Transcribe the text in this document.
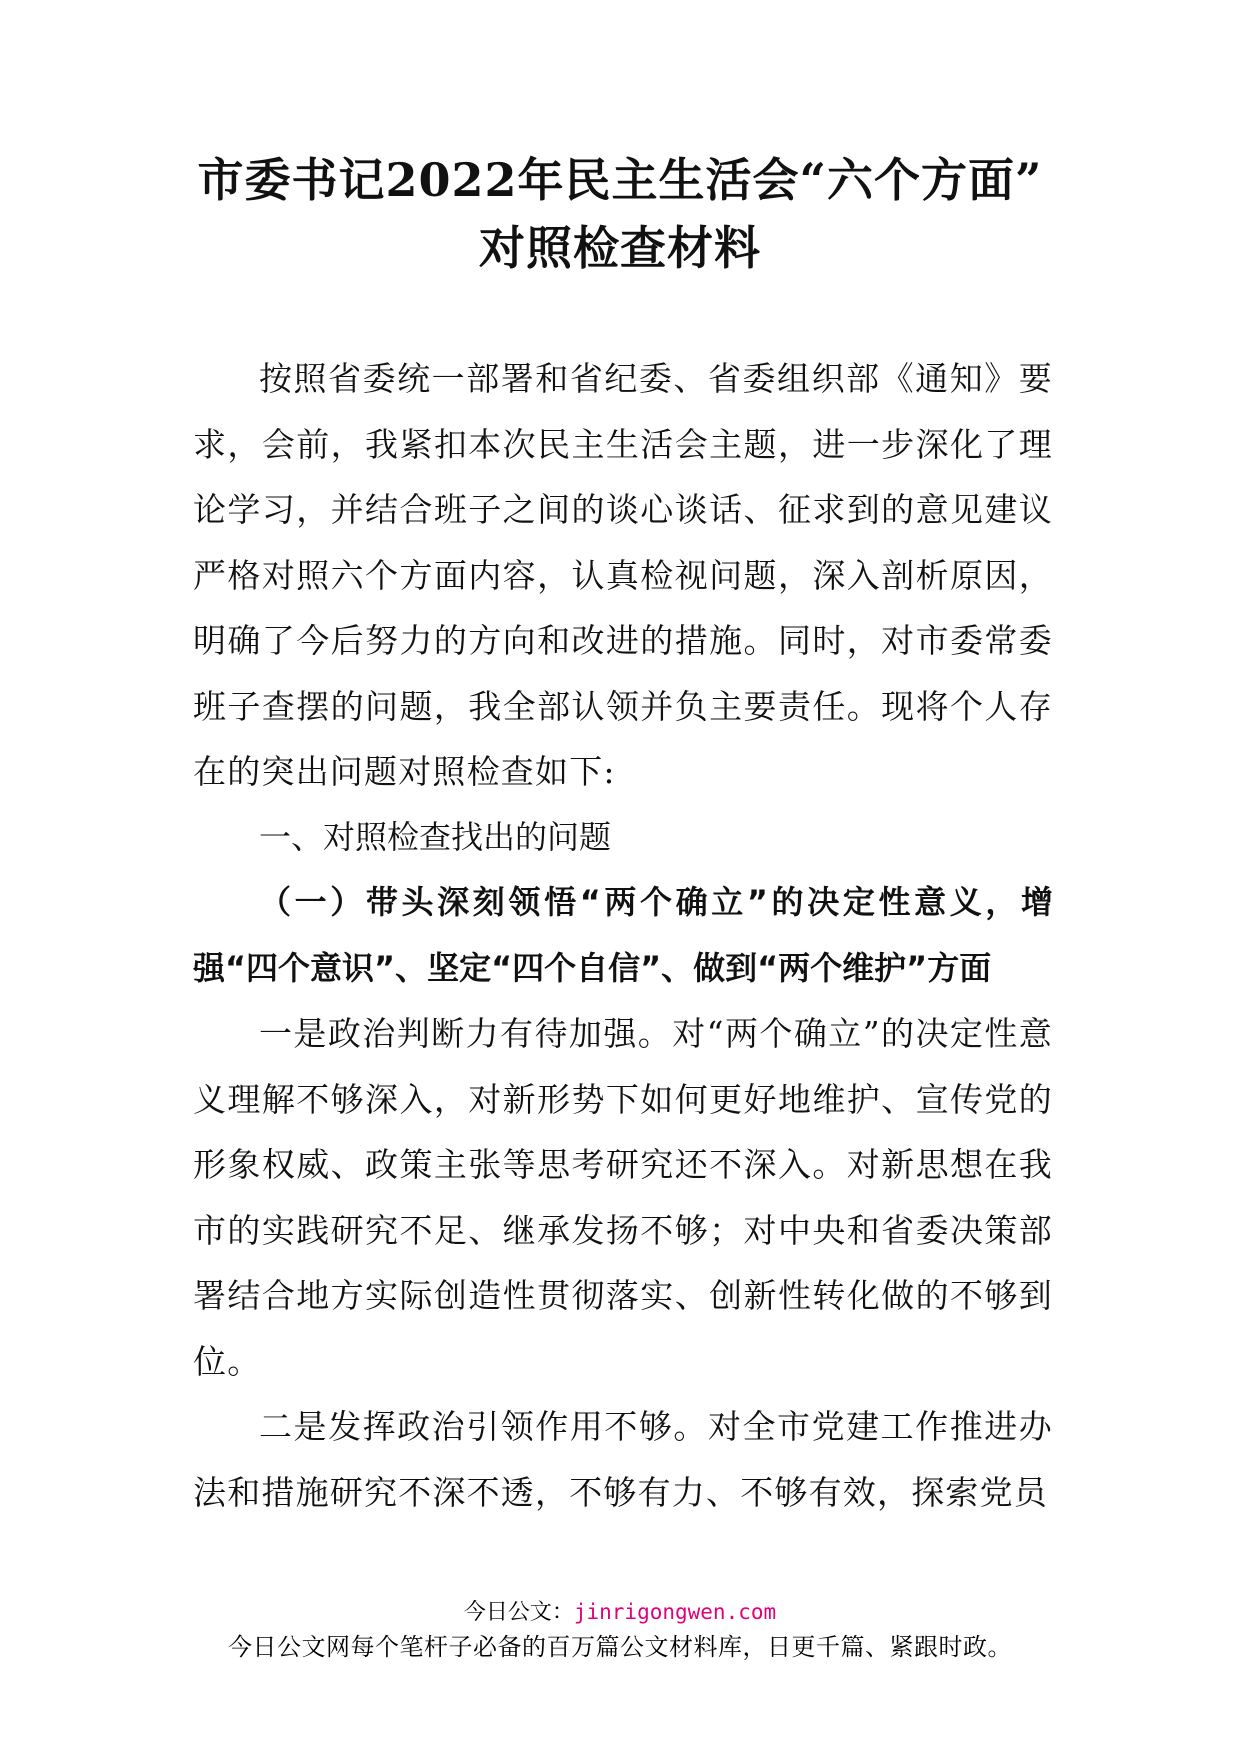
市委书记2022年民主生活会“六个方面”
对照检查材料

按照省委统一部署和省纪委、省委组织部《通知》要求，会前，我紧扣本次民主生活会主题，进一步深化了理论学习，并结合班子之间的谈心谈话、征求到的意见建议严格对照六个方面内容，认真检视问题，深入剖析原因，明确了今后努力的方向和改进的措施。同时，对市委常委班子查摆的问题，我全部认领并负主要责任。现将个人存在的突出问题对照检查如下:

一、对照检查找出的问题

（一）带头深刻领悟“两个确立”的决定性意义，增强“四个意识”、坚定“四个自信”、做到“两个维护”方面

一是政治判断力有待加强。对“两个确立”的决定性意义理解不够深入，对新形势下如何更好地维护、宣传党的形象权威、政策主张等思考研究还不深入。对新思想在我市的实践研究不足、继承发扬不够；对中央和省委决策部署结合地方实际创造性贯彻落实、创新性转化做的不够到位。

二是发挥政治引领作用不够。对全市党建工作推进办法和措施研究不深不透，不够有力、不够有效，探索党员

今日公文：jinrigongwen.com

今日公文网每个笔杆子必备的百万篇公文材料库，日更千篇、紧跟时政。
